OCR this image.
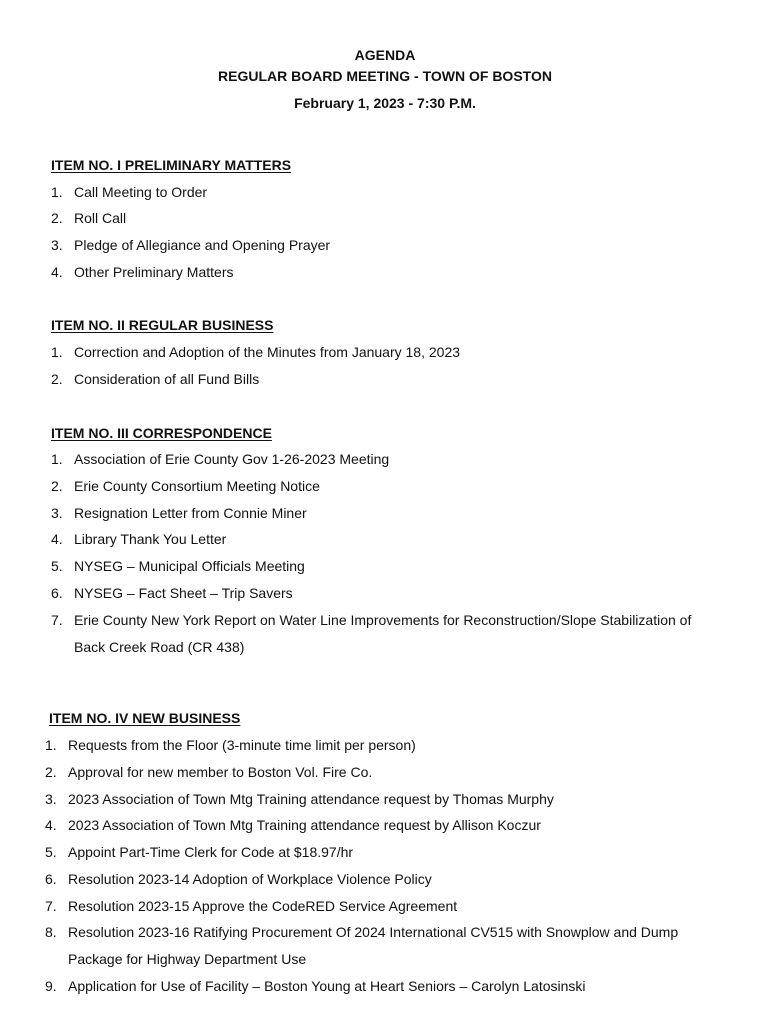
AGENDA
REGULAR BOARD MEETING - TOWN OF BOSTON
February 1, 2023 - 7:30 P.M.
ITEM NO. I PRELIMINARY MATTERS
1. Call Meeting to Order
2. Roll Call
3. Pledge of Allegiance and Opening Prayer
4. Other Preliminary Matters
ITEM NO. II REGULAR BUSINESS
1. Correction and Adoption of the Minutes from January 18, 2023
2. Consideration of all Fund Bills
ITEM NO. III CORRESPONDENCE
1. Association of Erie County Gov 1-26-2023 Meeting
2. Erie County Consortium Meeting Notice
3. Resignation Letter from Connie Miner
4. Library Thank You Letter
5. NYSEG – Municipal Officials Meeting
6. NYSEG – Fact Sheet – Trip Savers
7. Erie County New York Report on Water Line Improvements for Reconstruction/Slope Stabilization of
Back Creek Road (CR 438)
ITEM NO. IV NEW BUSINESS
1. Requests from the Floor (3-minute time limit per person)
2. Approval for new member to Boston Vol. Fire Co.
3. 2023 Association of Town Mtg Training attendance request by Thomas Murphy
4. 2023 Association of Town Mtg Training attendance request by Allison Koczur
5. Appoint Part-Time Clerk for Code at $18.97/hr
6. Resolution 2023-14 Adoption of Workplace Violence Policy
7. Resolution 2023-15 Approve the CodeRED Service Agreement
8. Resolution 2023-16 Ratifying Procurement Of 2024 International CV515 with Snowplow and Dump
Package for Highway Department Use
9. Application for Use of Facility – Boston Young at Heart Seniors – Carolyn Latosinski
